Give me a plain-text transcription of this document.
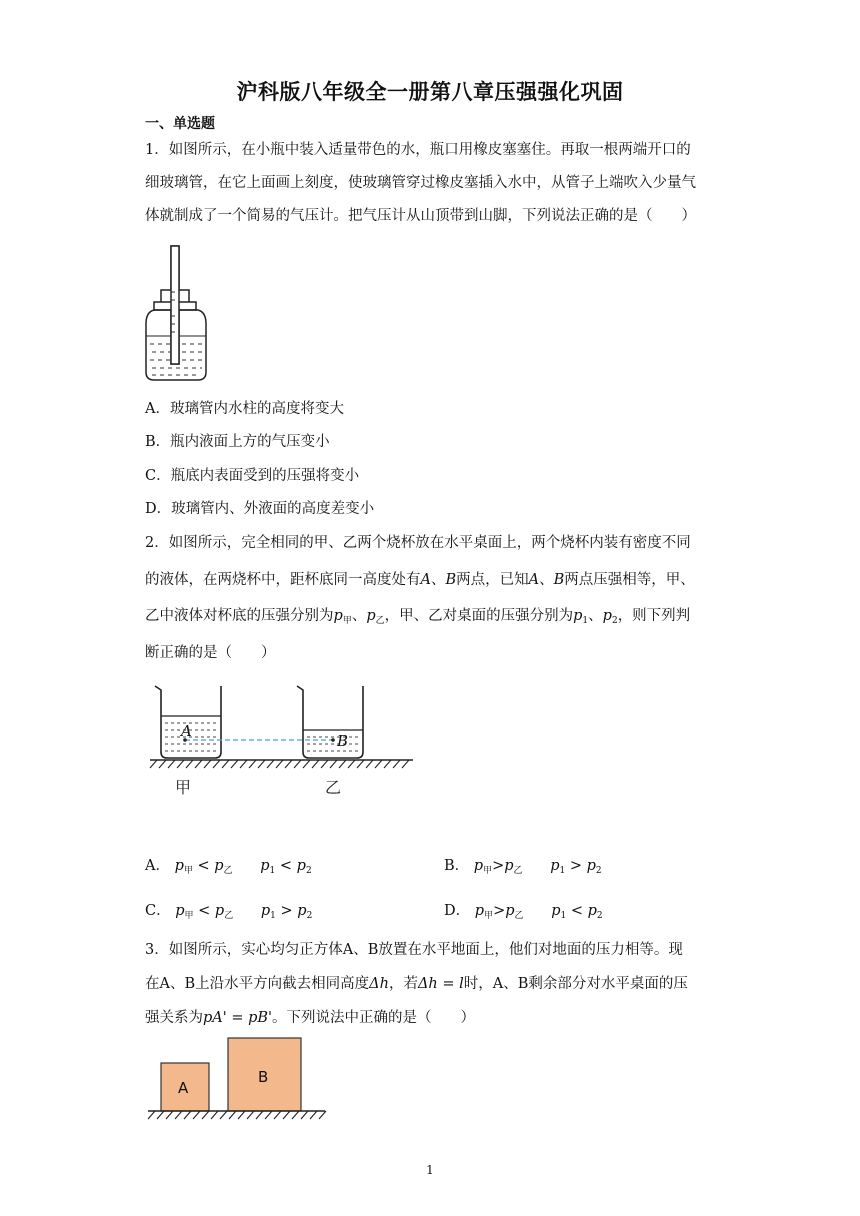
沪科版八年级全一册第八章压强强化巩固
一、单选题
1．如图所示，在小瓶中装入适量带色的水，瓶口用橡皮塞塞住。再取一根两端开口的
细玻璃管，在它上面画上刻度，使玻璃管穿过橡皮塞插入水中，从管子上端吹入少量气
体就制成了一个简易的气压计。把气压计从山顶带到山脚，下列说法正确的是（　　）
A．玻璃管内水柱的高度将变大
B．瓶内液面上方的气压变小
C．瓶底内表面受到的压强将变小
D．玻璃管内、外液面的高度差变小
2．如图所示，完全相同的甲、乙两个烧杯放在水平桌面上，两个烧杯内装有密度不同
的液体，在两烧杯中，距杯底同一高度处有A、B两点，已知A、B两点压强相等，甲、
乙中液体对杯底的压强分别为$p_甲$、$p_乙$，甲、乙对桌面的压强分别为$p_1$、$p_2$，则下列判
断正确的是（　　）
A
B
甲	乙
A． $p_甲 < p_乙$ $p_1 < p_2$	B． $p_甲>p_乙$ $p_1 > p_2$
C． $p_甲 < p_乙$ $p_1 > p_2$	D． $p_甲>p_乙$ $p_1 < p_2$
3．如图所示，实心均匀正方体A、B放置在水平地面上，他们对地面的压力相等。现
在A、B上沿水平方向截去相同高度Δh，若Δh = l时，A、B剩余部分对水平桌面的压
强关系为pA' = pB'。下列说法中正确的是（　　）
A
B
1
